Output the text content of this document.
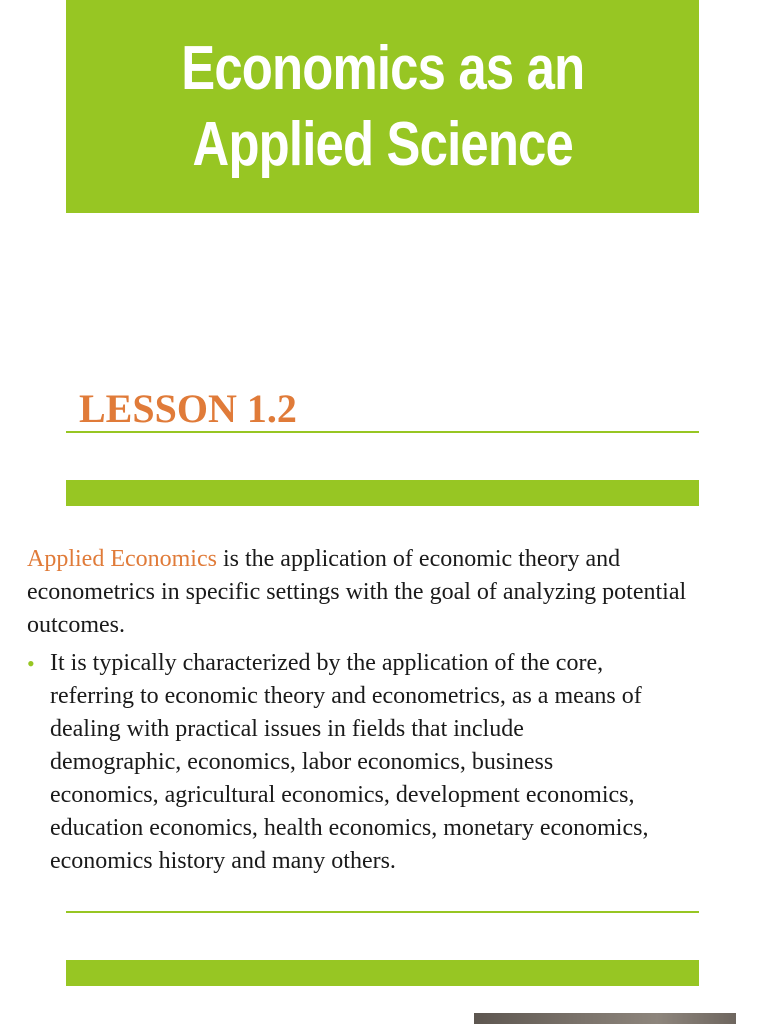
Economics as an
Applied Science
LESSON 1.2
Applied Economics is the application of economic theory and econometrics in specific settings with the goal of analyzing potential outcomes.
• It is typically characterized by the application of the core,
referring to economic theory and econometrics, as a means of
dealing with practical issues in fields that include
demographic, economics, labor economics, business
economics, agricultural economics, development economics,
education economics, health economics, monetary economics,
economics history and many others.
